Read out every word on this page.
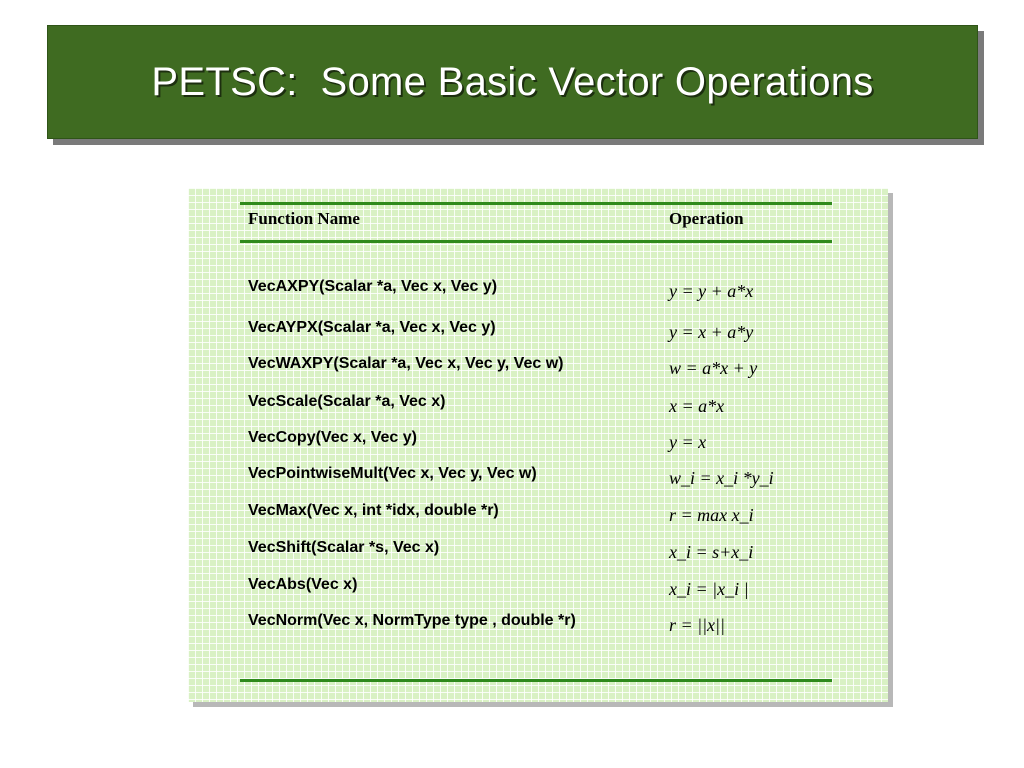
PETSC:  Some Basic Vector Operations
Function Name	Operation
VecAXPY(Scalar *a, Vec x, Vec y)	y = y + a*x
VecAYPX(Scalar *a, Vec x, Vec y)	y = x + a*y
VecWAXPY(Scalar *a, Vec x, Vec y, Vec w)	w = a*x + y
VecScale(Scalar *a, Vec x)	x = a*x
VecCopy(Vec x, Vec y)	y = x
VecPointwiseMult(Vec x, Vec y, Vec w)	w_i = x_i *y_i
VecMax(Vec x, int *idx, double *r)	r = max x_i
VecShift(Scalar *s, Vec x)	x_i = s+x_i
VecAbs(Vec x)	x_i = |x_i |
VecNorm(Vec x, NormType type , double *r)	r = ||x||
